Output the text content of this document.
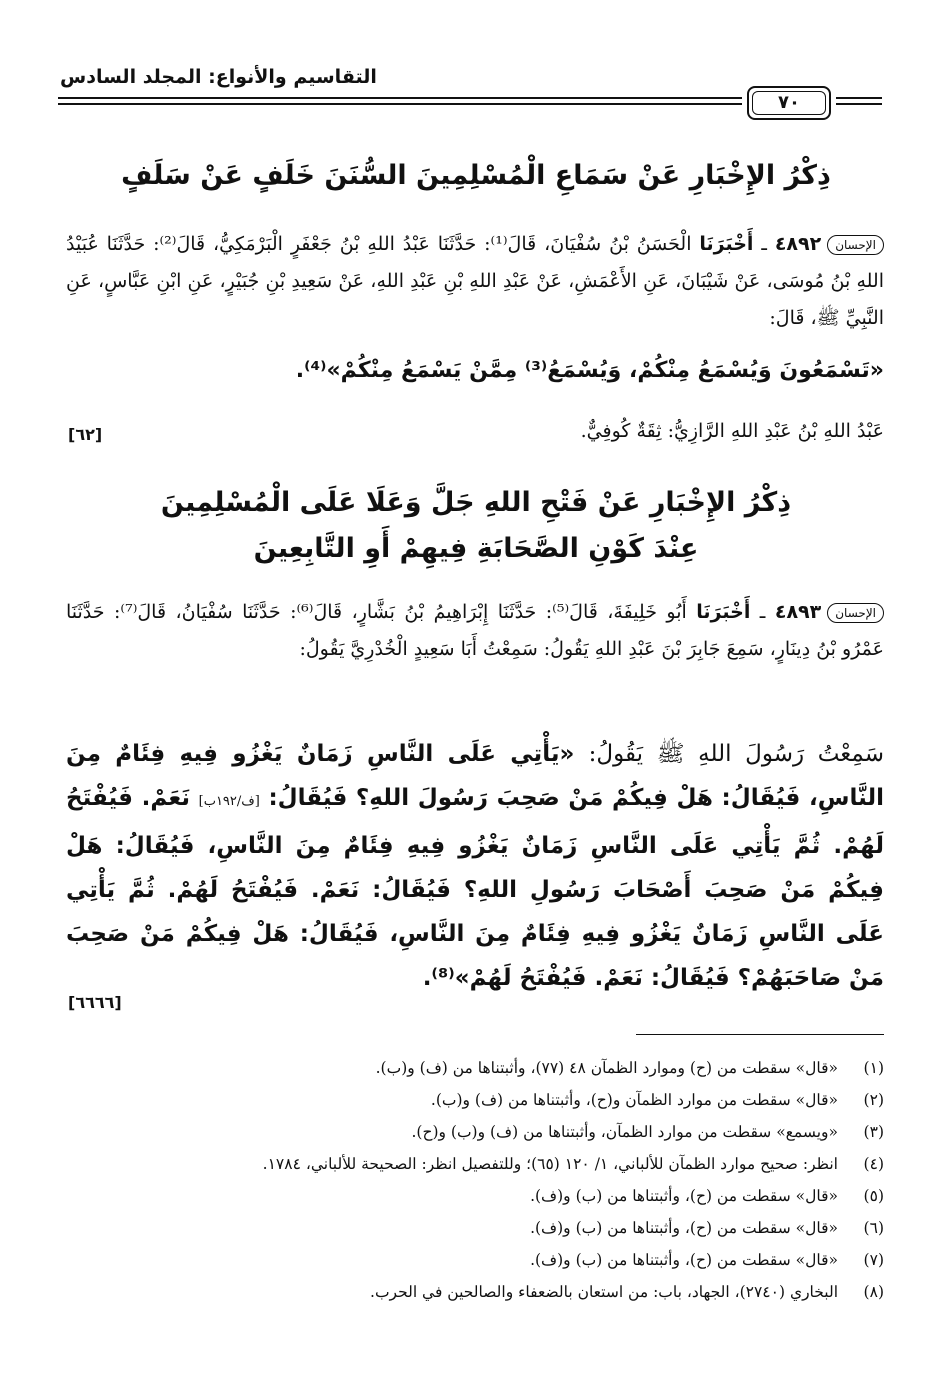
التقاسيم والأنواع: المجلد السادس
٧٠
ذِكْرُ الإِخْبَارِ عَنْ سَمَاعِ الْمُسْلِمِينَ السُّنَنَ خَلَفٍ عَنْ سَلَفٍ
الإحسان٤٨٩٢ ـ أَخْبَرَنَا الْحَسَنُ بْنُ سُفْيَانَ، قَالَ⁽¹⁾: حَدَّثَنَا عَبْدُ اللهِ بْنُ جَعْفَرٍ الْبَرْمَكِيُّ، قَالَ⁽²⁾: حَدَّثَنَا عُبَيْدُ اللهِ بْنُ مُوسَى، عَنْ شَيْبَانَ، عَنِ الأَعْمَشِ، عَنْ عَبْدِ اللهِ بْنِ عَبْدِ اللهِ، عَنْ سَعِيدِ بْنِ جُبَيْرٍ، عَنِ ابْنِ عَبَّاسٍ، عَنِ النَّبِيِّ ﷺ، قَالَ:
«تَسْمَعُونَ وَيُسْمَعُ مِنْكُمْ، وَيُسْمَعُ⁽³⁾ مِمَّنْ يَسْمَعُ مِنْكُمْ»⁽⁴⁾.
عَبْدُ اللهِ بْنُ عَبْدِ اللهِ الرَّازِيُّ: ثِقَةٌ كُوفِيٌّ.
[٦٢]
ذِكْرُ الإِخْبَارِ عَنْ فَتْحِ اللهِ جَلَّ وَعَلَا عَلَى الْمُسْلِمِينَ
عِنْدَ كَوْنِ الصَّحَابَةِ فِيهِمْ أَوِ التَّابِعِينَ
الإحسان٤٨٩٣ ـ أَخْبَرَنَا أَبُو خَلِيفَةَ، قَالَ⁽⁵⁾: حَدَّثَنَا إِبْرَاهِيمُ بْنُ بَشَّارٍ، قَالَ⁽⁶⁾: حَدَّثَنَا سُفْيَانُ، قَالَ⁽⁷⁾: حَدَّثَنَا عَمْرُو بْنُ دِينَارٍ، سَمِعَ جَابِرَ بْنَ عَبْدِ اللهِ يَقُولُ: سَمِعْتُ أَبَا سَعِيدٍ الْخُدْرِيَّ يَقُولُ:
سَمِعْتُ رَسُولَ اللهِ ﷺ يَقُولُ: «يَأْتِي عَلَى النَّاسِ زَمَانٌ يَغْزُو فِيهِ فِئَامٌ مِنَ النَّاسِ، فَيُقَالُ: هَلْ فِيكُمْ مَنْ صَحِبَ رَسُولَ اللهِ؟ فَيُقَالُ: [ف/١٩٢ب] نَعَمْ. فَيُفْتَحُ لَهُمْ. ثُمَّ يَأْتِي عَلَى النَّاسِ زَمَانٌ يَغْزُو فِيهِ فِئَامٌ مِنَ النَّاسِ، فَيُقَالُ: هَلْ فِيكُمْ مَنْ صَحِبَ أَصْحَابَ رَسُولِ اللهِ؟ فَيُقَالُ: نَعَمْ. فَيُفْتَحُ لَهُمْ. ثُمَّ يَأْتِي عَلَى النَّاسِ زَمَانٌ يَغْزُو فِيهِ فِئَامٌ مِنَ النَّاسِ، فَيُقَالُ: هَلْ فِيكُمْ مَنْ صَحِبَ مَنْ صَاحَبَهُمْ؟ فَيُقَالُ: نَعَمْ. فَيُفْتَحُ لَهُمْ»⁽⁸⁾.
[٦٦٦٦]
(١)«قال» سقطت من (ح) وموارد الظمآن ٤٨ (٧٧)، وأثبتناها من (ف) و(ب).
(٢)«قال» سقطت من موارد الظمآن و(ح)، وأثبتناها من (ف) و(ب).
(٣)«ويسمع» سقطت من موارد الظمآن، وأثبتناها من (ف) و(ب) و(ح).
(٤)انظر: صحيح موارد الظمآن للألباني، ١/ ١٢٠ (٦٥)؛ وللتفصيل انظر: الصحيحة للألباني، ١٧٨٤.
(٥)«قال» سقطت من (ح)، وأثبتناها من (ب) و(ف).
(٦)«قال» سقطت من (ح)، وأثبتناها من (ب) و(ف).
(٧)«قال» سقطت من (ح)، وأثبتناها من (ب) و(ف).
(٨)البخاري (٢٧٤٠)، الجهاد، باب: من استعان بالضعفاء والصالحين في الحرب.
